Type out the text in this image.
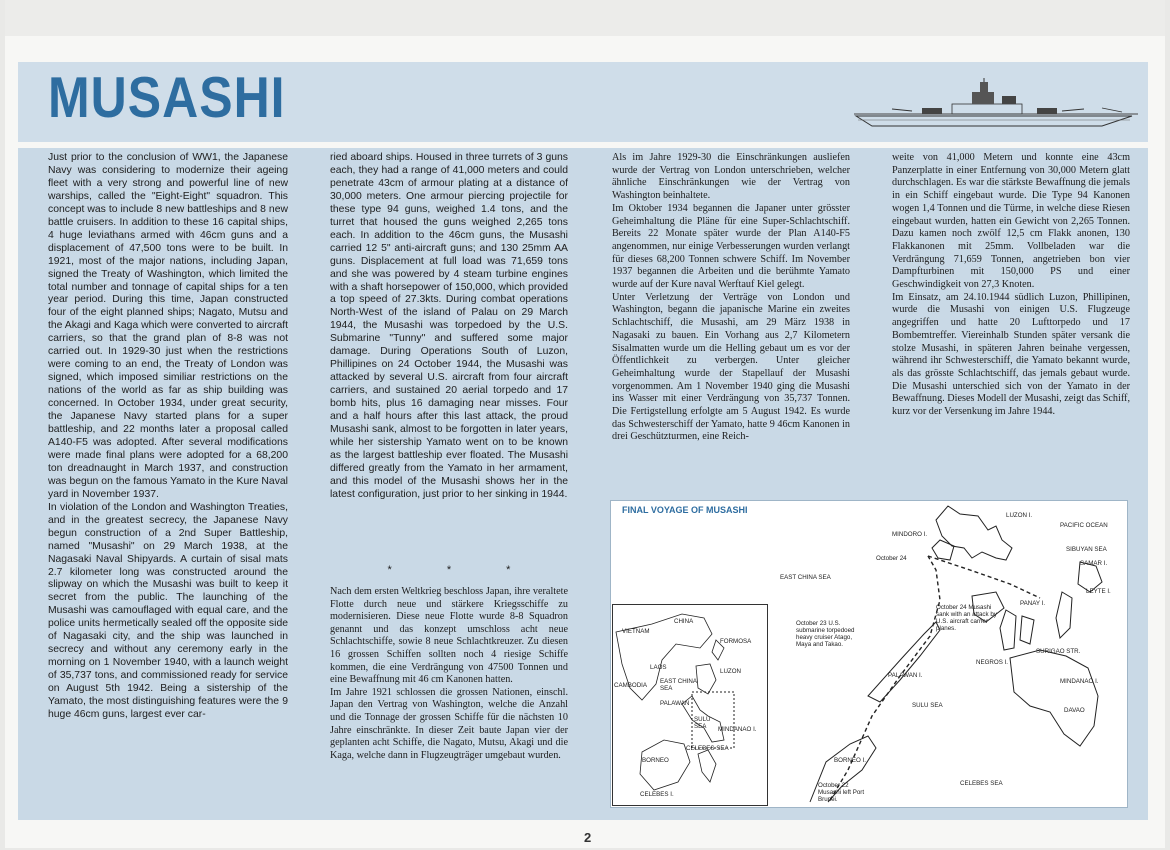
MUSASHI

Just prior to the conclusion of WW1, the Japanese Navy was considering to modernize their ageing fleet with a very strong and powerful line of new warships, called the "Eight-Eight" squadron. This concept was to include 8 new battleships and 8 new battle cruisers. In addition to these 16 capital ships, 4 huge leviathans armed with 46cm guns and a displacement of 47,500 tons were to be built. In 1921, most of the major nations, including Japan, signed the Treaty of Washington, which limited the total number and tonnage of capital ships for a ten year period. During this time, Japan constructed four of the eight planned ships; Nagato, Mutsu and the Akagi and Kaga which were converted to aircraft carriers, so that the grand plan of 8-8 was not carried out. In 1929-30 just when the restrictions were coming to an end, the Treaty of London was signed, which imposed similiar restrictions on the nations of the world as far as ship building was concerned. In October 1934, under great security, the Japanese Navy started plans for a super battleship, and 22 months later a proposal called A140-F5 was adopted. After several modifications were made final plans were adopted for a 68,200 ton dreadnaught in March 1937, and construction was begun on the famous Yamato in the Kure Naval yard in November 1937.

In violation of the London and Washington Treaties, and in the greatest secrecy, the Japanese Navy begun construction of a 2nd Super Battleship, named "Musashi" on 29 March 1938, at the Nagasaki Naval Shipyards. A curtain of sisal mats 2.7 kilometer long was constructed around the slipway on which the Musashi was built to keep it secret from the public. The launching of the Musashi was camouflaged with equal care, and the police units hermetically sealed off the opposite side of Nagasaki city, and the ship was launched in secrecy and without any ceremony early in the morning on 1 November 1940, with a launch weight of 35,737 tons, and commissioned ready for service on August 5th 1942. Being a sistership of the Yamato, the most distinguishing features were the 9 huge 46cm guns, largest ever car-

ried aboard ships. Housed in three turrets of 3 guns each, they had a range of 41,000 meters and could penetrate 43cm of armour plating at a distance of 30,000 meters. One armour piercing projectile for these type 94 guns, weighed 1.4 tons, and the turret that housed the guns weighed 2,265 tons each. In addition to the 46cm guns, the Musashi carried 12 5" anti-aircraft guns; and 130 25mm AA guns. Displacement at full load was 71,659 tons and she was powered by 4 steam turbine engines with a shaft horsepower of 150,000, which provided a top speed of 27.3kts. During combat operations North-West of the island of Palau on 29 March 1944, the Musashi was torpedoed by the U.S. Submarine "Tunny" and suffered some major damage. During Operations South of Luzon, Phillipines on 24 October 1944, the Musashi was attacked by several U.S. aircraft from four aircraft carriers, and sustained 20 aerial torpedo and 17 bomb hits, plus 16 damaging near misses. Four and a half hours after this last attack, the proud Musashi sank, almost to be forgotten in later years, while her sistership Yamato went on to be known as the largest battleship ever floated. The Musashi differed greatly from the Yamato in her armament, and this model of the Musashi shows her in the latest configuration, just prior to her sinking in 1944.

*	*	*

Nach dem ersten Weltkrieg beschloss Japan, ihre veraltete Flotte durch neue und stärkere Kriegsschiffe zu modernisieren. Diese neue Flotte wurde 8-8 Squadron genannt und das konzept umschloss acht neue Schlachtschiffe, sowie 8 neue Schlachtkreuzer. Zu diesen 16 grossen Schiffen sollten noch 4 riesige Schiffe kommen, die eine Verdrängung von 47500 Tonnen und eine Bewaffnung mit 46 cm Kanonen hatten.

Im Jahre 1921 schlossen die grossen Nationen, einschl. Japan den Vertrag von Washington, welche die Anzahl und die Tonnage der grossen Schiffe für die nächsten 10 Jahre einschränkte. In dieser Zeit baute Japan vier der geplanten acht Schiffe, die Nagato, Mutsu, Akagi und die Kaga, welche dann in Flugzeugträger umgebaut wurden.

Als im Jahre 1929-30 die Einschränkungen ausliefen wurde der Vertrag von London unterschrieben, welcher ähnliche Einschränkungen wie der Vertrag von Washington beinhaltete.

Im Oktober 1934 begannen die Japaner unter grösster Geheimhaltung die Pläne für eine Super-Schlachtschiff. Bereits 22 Monate später wurde der Plan A140-F5 angenommen, nur einige Verbesserungen wurden verlangt für dieses 68,200 Tonnen schwere Schiff. Im November 1937 begannen die Arbeiten und die berühmte Yamato wurde auf der Kure naval Werftauf Kiel gelegt.

Unter Verletzung der Verträge von London und Washington, begann die japanische Marine ein zweites Schlachtschiff, die Musashi, am 29 März 1938 in Nagasaki zu bauen. Ein Vorhang aus 2,7 Kilometern Sisalmatten wurde um die Helling gebaut um es vor der Öffentlichkeit zu verbergen. Unter gleicher Geheimhaltung wurde der Stapellauf der Musashi vorgenommen. Am 1 November 1940 ging die Musashi ins Wasser mit einer Verdrängung von 35,737 Tonnen. Die Fertigstellung erfolgte am 5 August 1942. Es wurde das Schwesterschiff der Yamato, hatte 9 46cm Kanonen in drei Geschützturmen, eine Reich-

weite von 41,000 Metern und konnte eine 43cm Panzerplatte in einer Entfernung von 30,000 Metern glatt durchschlagen. Es war die stärkste Bewaffnung die jemals in ein Schiff eingebaut wurde. Die Type 94 Kanonen wogen 1,4 Tonnen und die Türme, in welche diese Riesen eingebaut wurden, hatten ein Gewicht von 2,265 Tonnen. Dazu kamen noch zwölf 12,5 cm Flakk anonen, 130 Flakkanonen mit 25mm. Vollbeladen war die Verdrängung 71,659 Tonnen, angetrieben bon vier Dampfturbinen mit 150,000 PS und einer Geschwindigkeit von 27,3 Knoten.

Im Einsatz, am 24.10.1944 südlich Luzon, Phillipinen, wurde die Musashi von einigen U.S. Flugzeuge angegriffen und hatte 20 Lufttorpedo und 17 Bombemtreffer. Viereinhalb Stunden später versank die stolze Musashi, in späteren Jahren beinahe vergessen, während ihr Schwesterschiff, die Yamato bekannt wurde, als das grösste Schlachtschiff, das jemals gebaut wurde. Die Musashi unterschied sich von der Yamato in der Bewaffnung. Dieses Modell der Musashi, zeigt das Schiff, kurz vor der Versenkung im Jahre 1944.

FINAL VOYAGE OF MUSASHI
LUZON I.
PACIFIC OCEAN
MINDORO I.
October 24
SIBUYAN SEA
SAMAR I.
EAST CHINA SEA
LEYTE I.
PANAY I.
October 24 Musashi sank with an attack by U.S. aircraft carrier planes.
October 23 U.S. submarine torpedoed heavy cruiser Atago, Maya and Takao.
SURIGAO STR.
NEGROS I.
PALAWAN I.
MINDANAO I.
SULU SEA
DAVAO
BORNEO I.
CELEBES SEA
October 22 Musashi left Port Brunei.
CHINA
VIETNAM
FORMOSA
LAOS
LUZON
CAMBODIA
EAST CHINA SEA
PALAWAN
SULU SEA	MINDANAO I.
CELEBES SEA
BORNEO
CELEBES I.
2
